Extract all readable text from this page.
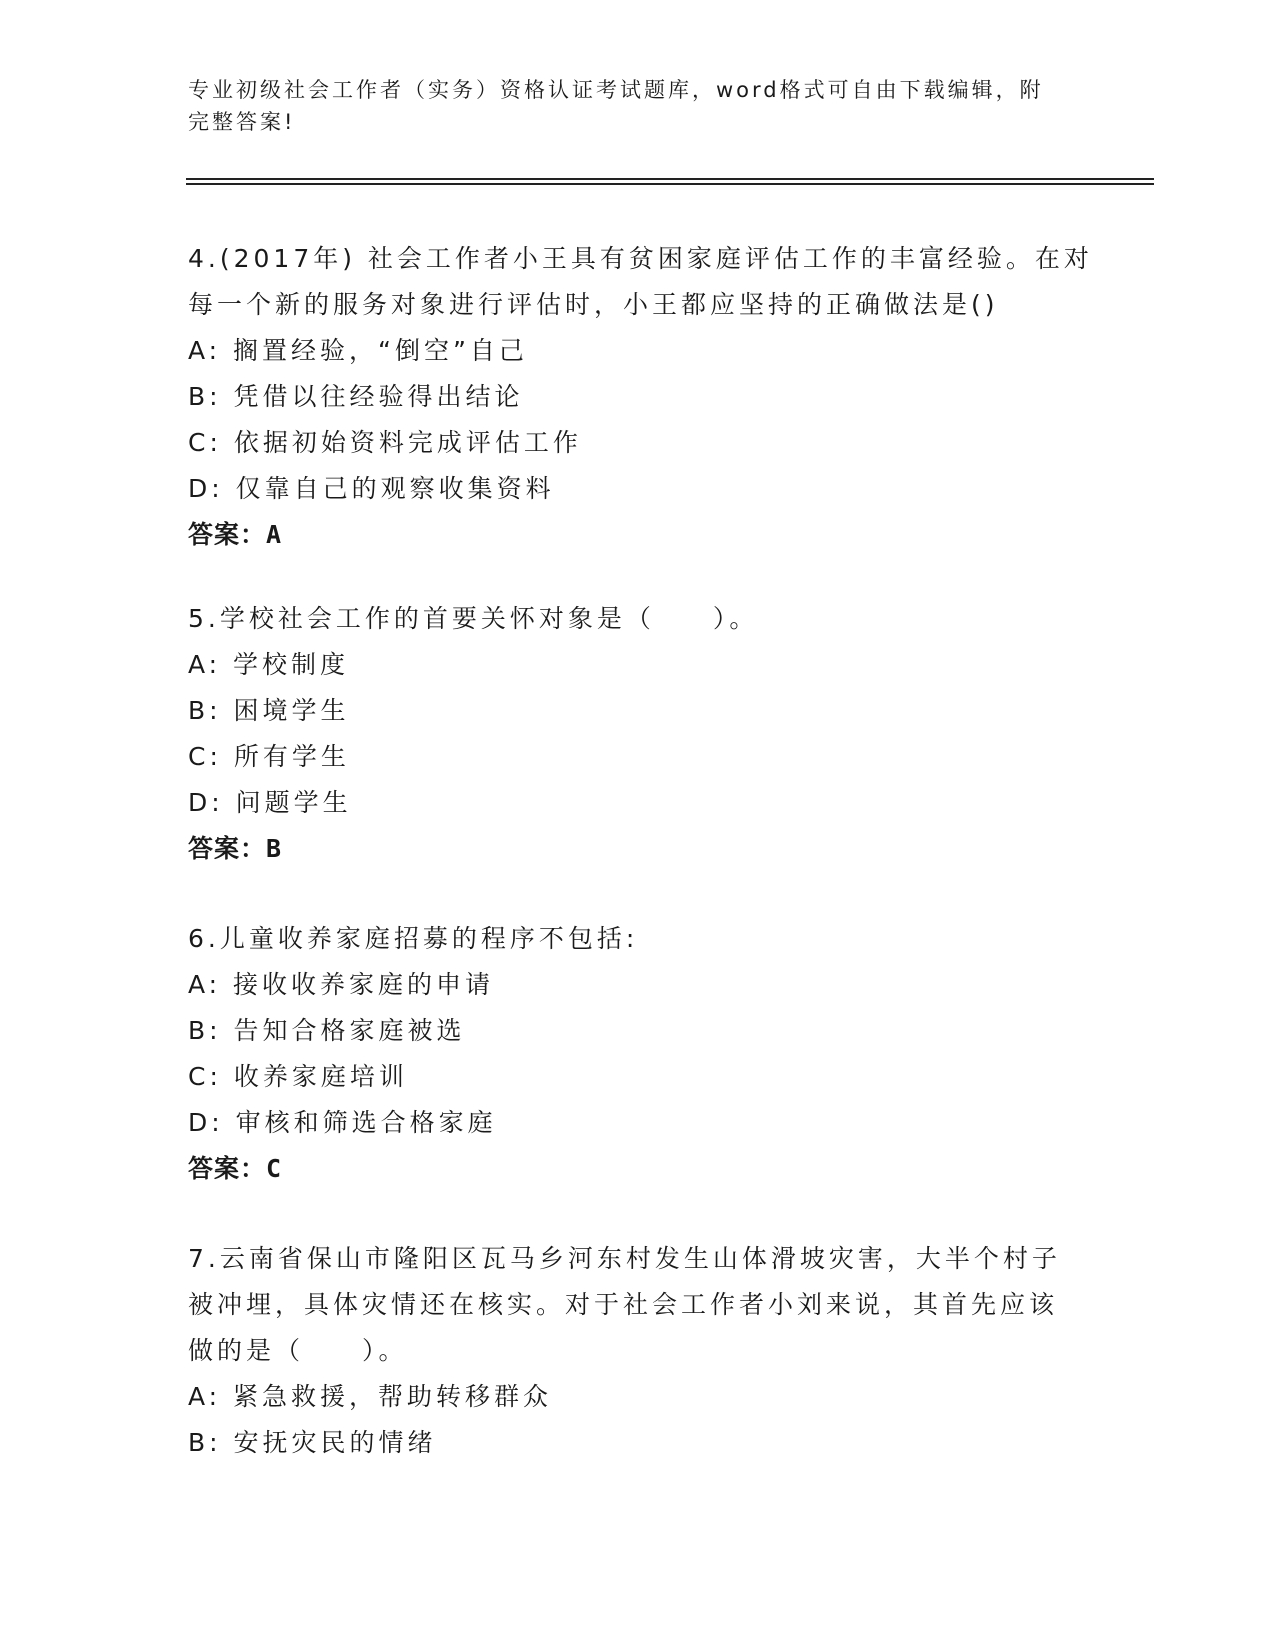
专业初级社会工作者（实务）资格认证考试题库，word格式可自由下载编辑，附
完整答案!
4.(2017年) 社会工作者小王具有贫困家庭评估工作的丰富经验。在对
每一个新的服务对象进行评估时，小王都应坚持的正确做法是()
A: 搁置经验，“倒空”自己
B: 凭借以往经验得出结论
C: 依据初始资料完成评估工作
D: 仅靠自己的观察收集资料
答案：A
5.学校社会工作的首要关怀对象是（　　）。
A: 学校制度
B: 困境学生
C: 所有学生
D: 问题学生
答案：B
6.儿童收养家庭招募的程序不包括:
A: 接收收养家庭的申请
B: 告知合格家庭被选
C: 收养家庭培训
D: 审核和筛选合格家庭
答案：C
7.云南省保山市隆阳区瓦马乡河东村发生山体滑坡灾害，大半个村子
被冲埋，具体灾情还在核实。对于社会工作者小刘来说，其首先应该
做的是（　　）。
A: 紧急救援，帮助转移群众
B: 安抚灾民的情绪
